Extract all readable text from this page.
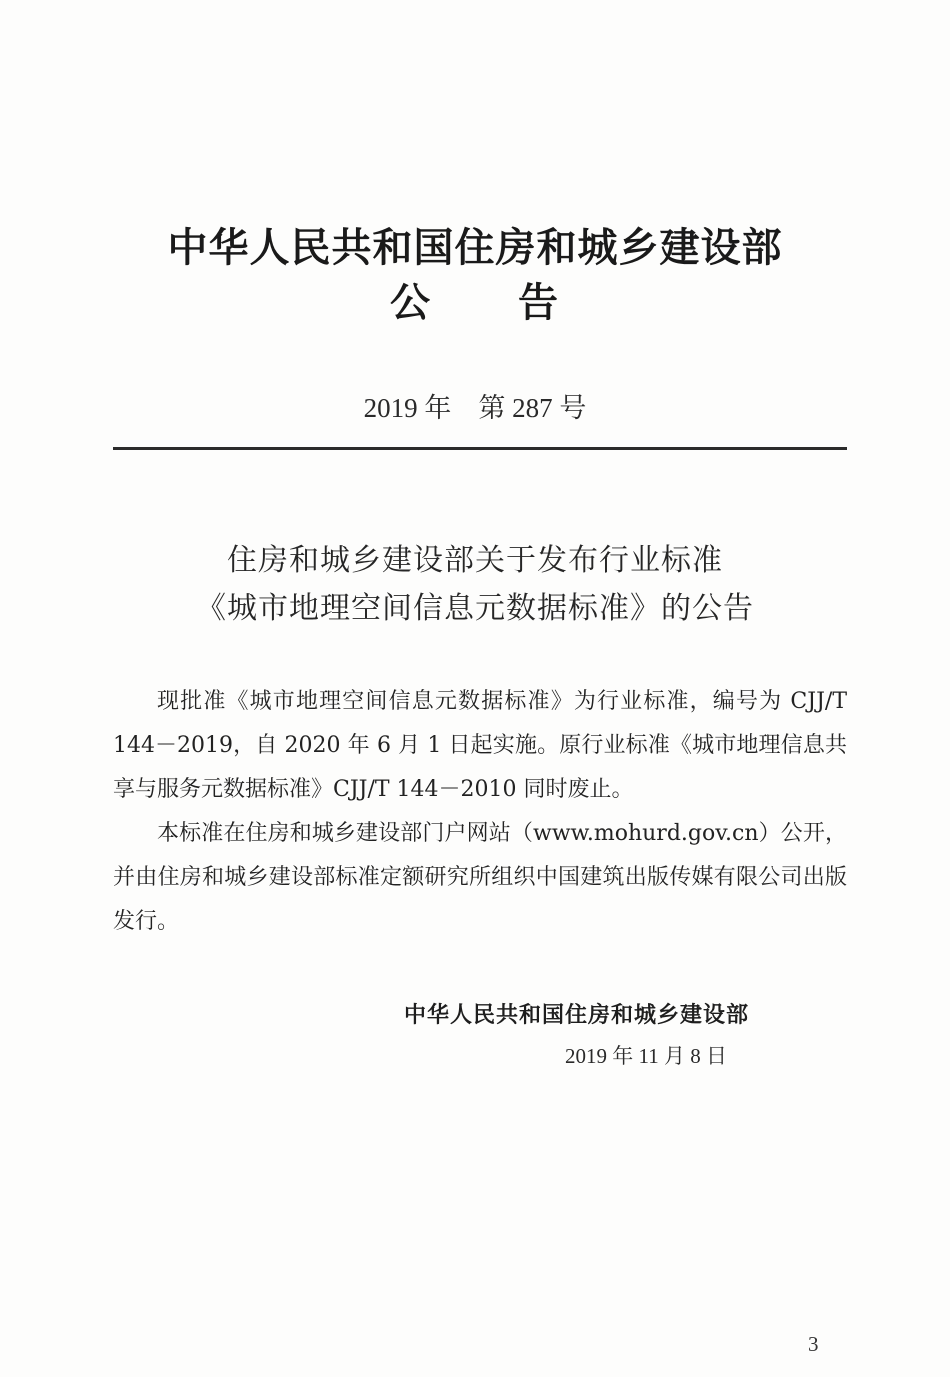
中华人民共和国住房和城乡建设部
公 告
2019 年　第 287 号
住房和城乡建设部关于发布行业标准
《城市地理空间信息元数据标准》的公告

现批准《城市地理空间信息元数据标准》为行业标准，编号为 CJJ/T 144－2019，自 2020 年 6 月 1 日起实施。原行业标准《城市地理信息共享与服务元数据标准》CJJ/T 144－2010 同时废止。

本标准在住房和城乡建设部门户网站（www.mohurd.gov.cn）公开，并由住房和城乡建设部标准定额研究所组织中国建筑出版传媒有限公司出版发行。

中华人民共和国住房和城乡建设部
2019 年 11 月 8 日
3
